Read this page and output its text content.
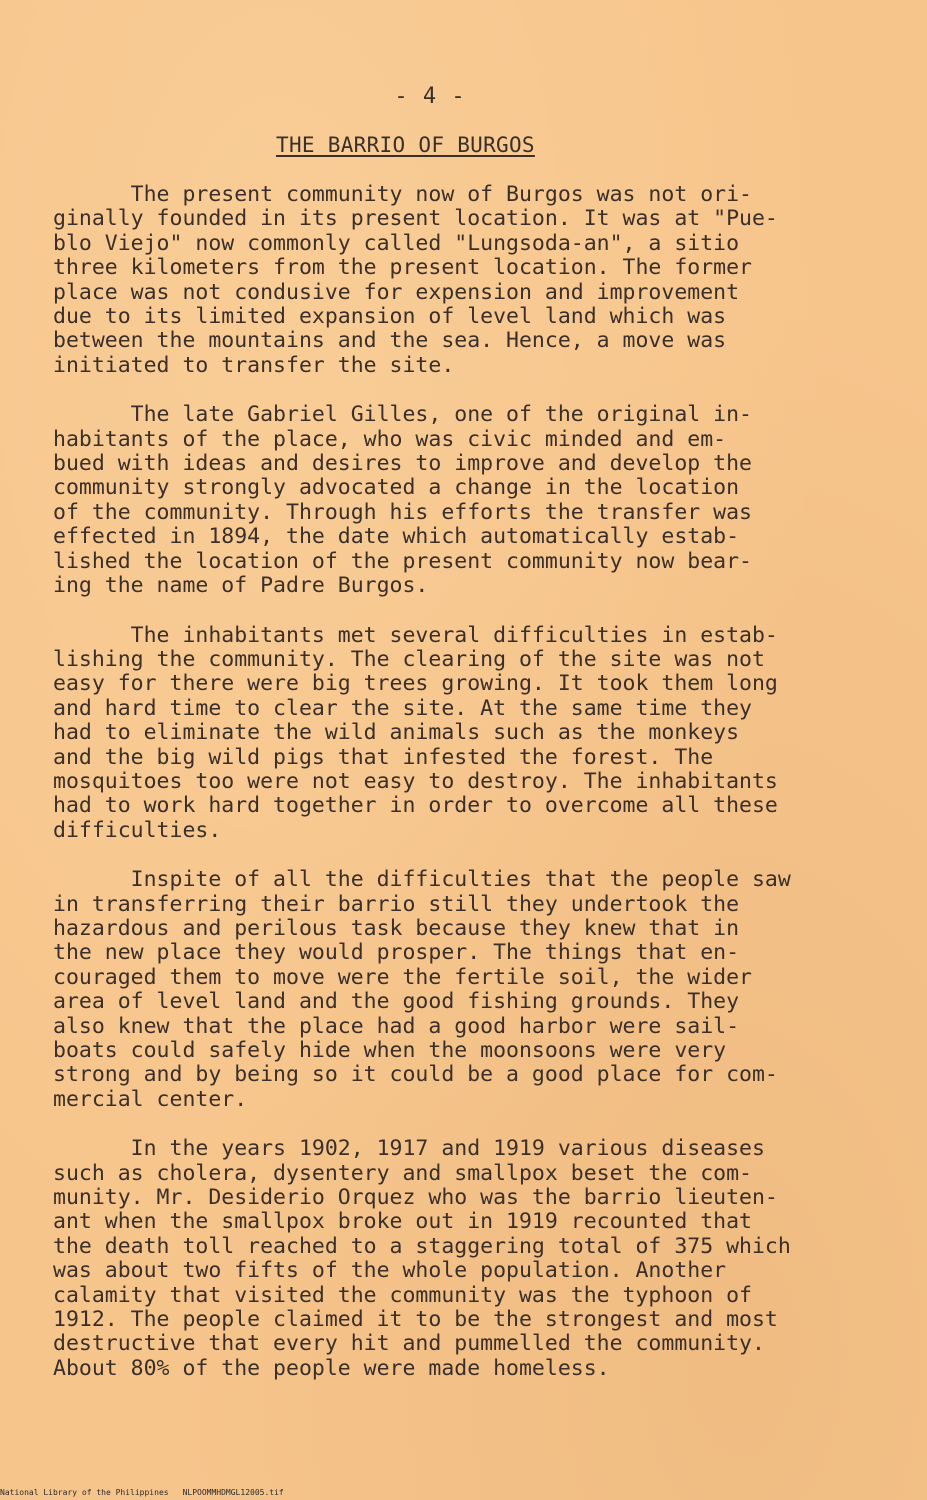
- 4 -
THE BARRIO OF BURGOS

The present community now of Burgos was not ori-
ginally founded in its present location. It was at "Pue-
blo Viejo" now commonly called "Lungsoda-an", a sitio
three kilometers from the present location. The former
place was not condusive for expension and improvement
due to its limited expansion of level land which was
between the mountains and the sea. Hence, a move was
initiated to transfer the site.

The late Gabriel Gilles, one of the original in-
habitants of the place, who was civic minded and em-
bued with ideas and desires to improve and develop the
community strongly advocated a change in the location
of the community. Through his efforts the transfer was
effected in 1894, the date which automatically estab-
lished the location of the present community now bear-
ing the name of Padre Burgos.

The inhabitants met several difficulties in estab-
lishing the community. The clearing of the site was not
easy for there were big trees growing. It took them long
and hard time to clear the site. At the same time they
had to eliminate the wild animals such as the monkeys
and the big wild pigs that infested the forest. The
mosquitoes too were not easy to destroy. The inhabitants
had to work hard together in order to overcome all these
difficulties.

Inspite of all the difficulties that the people saw
in transferring their barrio still they undertook the
hazardous and perilous task because they knew that in
the new place they would prosper. The things that en-
couraged them to move were the fertile soil, the wider
area of level land and the good fishing grounds. They
also knew that the place had a good harbor were sail-
boats could safely hide when the moonsoons were very
strong and by being so it could be a good place for com-
mercial center.

In the years 1902, 1917 and 1919 various diseases
such as cholera, dysentery and smallpox beset the com-
munity. Mr. Desiderio Orquez who was the barrio lieuten-
ant when the smallpox broke out in 1919 recounted that
the death toll reached to a staggering total of 375 which
was about two fifts of the whole population. Another
calamity that visited the community was the typhoon of
1912. The people claimed it to be the strongest and most
destructive that every hit and pummelled the community.
About 80% of the people were made homeless.

National Library of the Philippines NLPOOMMHDMGL12005.tif
